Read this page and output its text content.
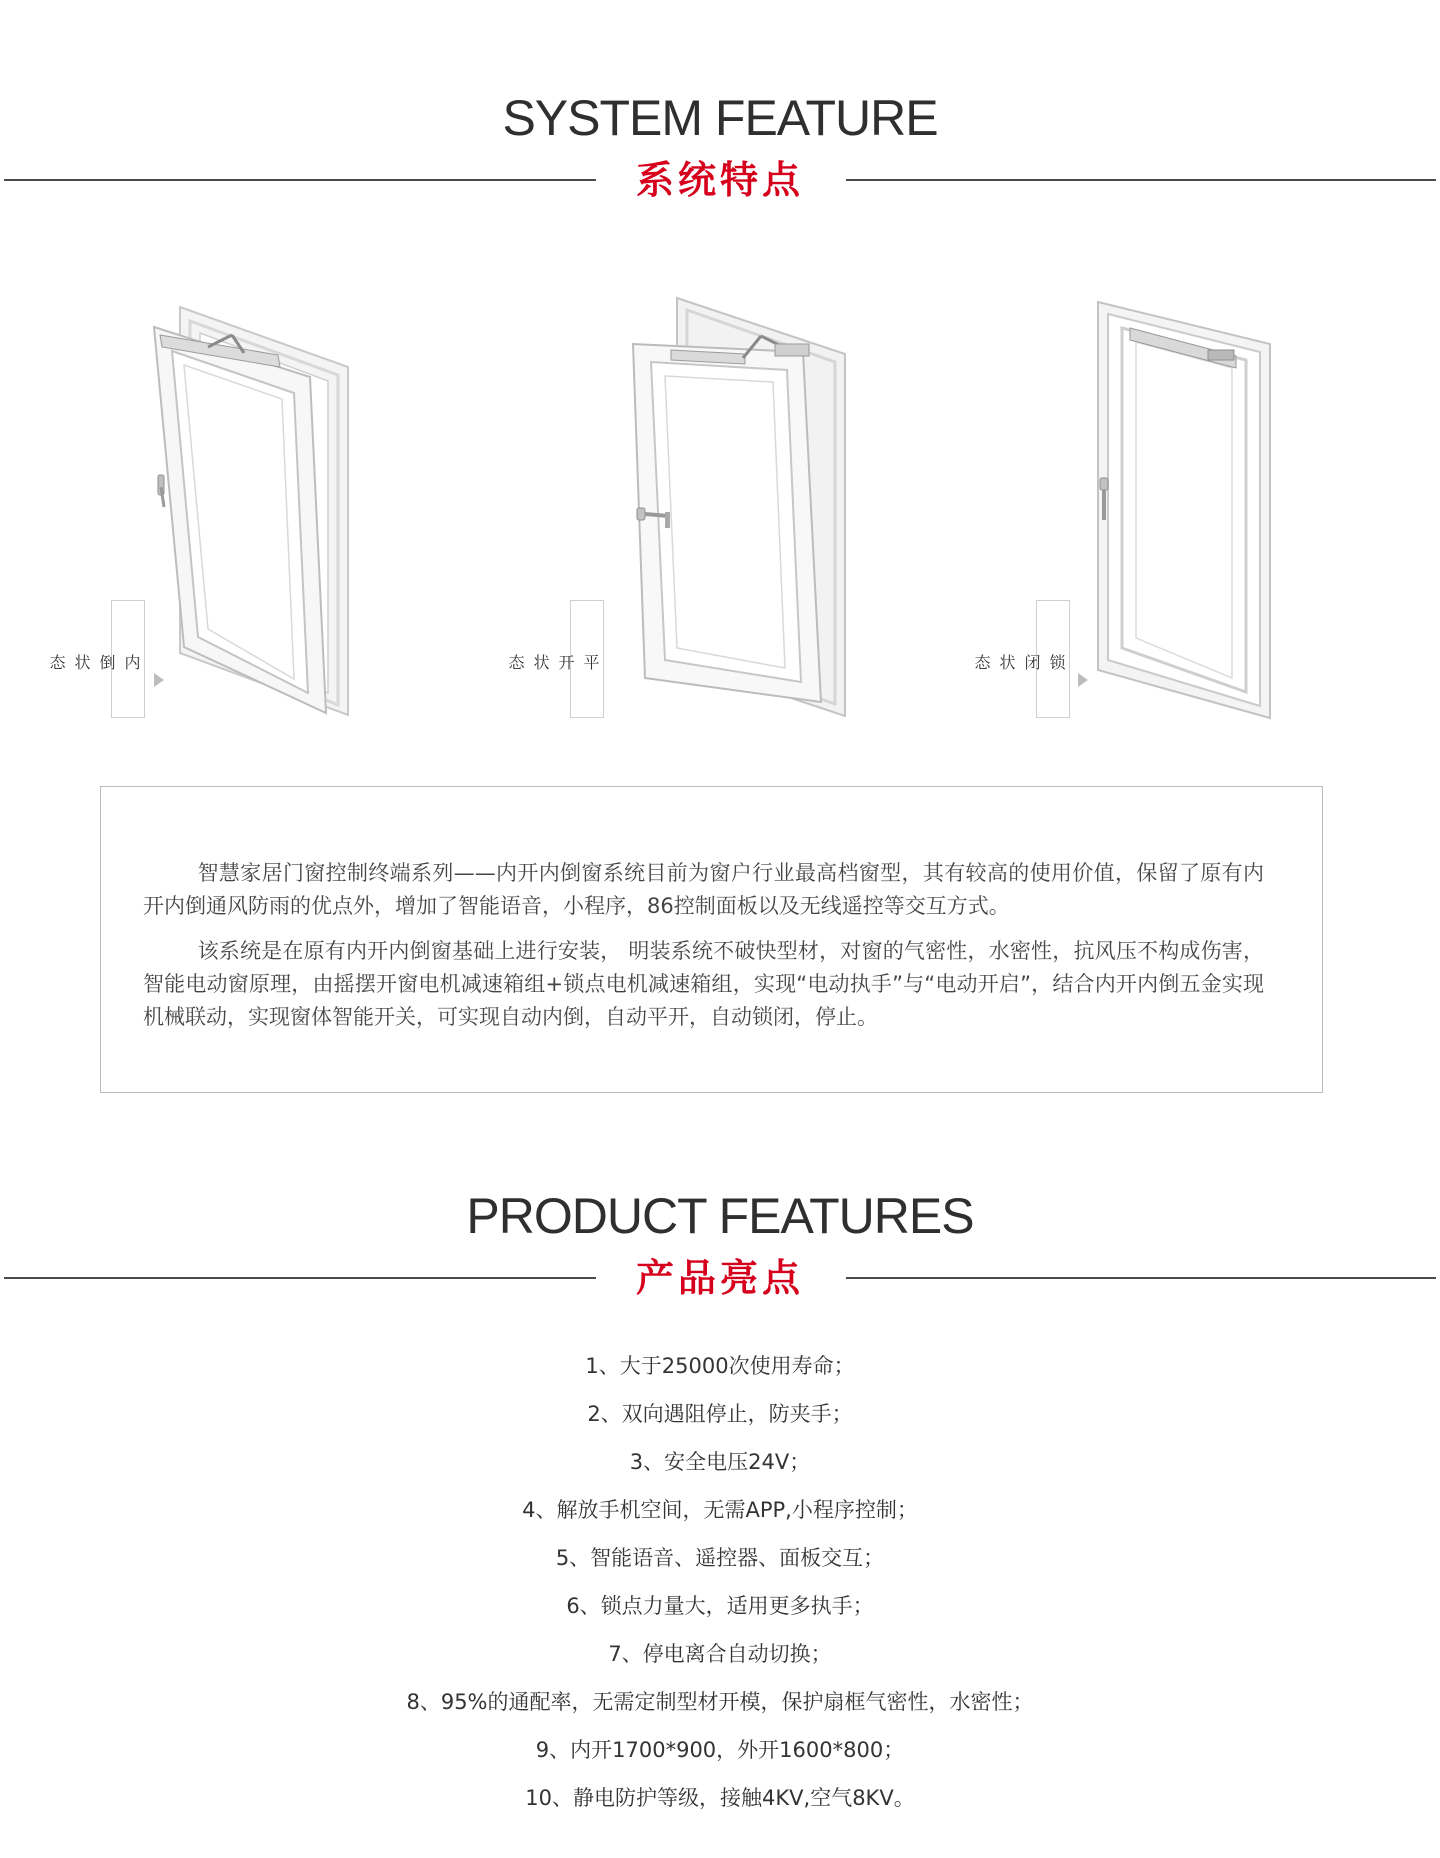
SYSTEM FEATURE
系统特点
内
倒
状
态	平
开
状
态	锁
闭
状
态

智慧家居门窗控制终端系列——内开内倒窗系统目前为窗户行业最高档窗型，其有较高的使用价值，保留了原有内开内倒通风防雨的优点外，增加了智能语音，小程序，86控制面板以及无线遥控等交互方式。

该系统是在原有内开内倒窗基础上进行安装， 明装系统不破快型材，对窗的气密性，水密性，抗风压不构成伤害，智能电动窗原理，由摇摆开窗电机减速箱组+锁点电机减速箱组，实现“电动执手”与“电动开启”，结合内开内倒五金实现机械联动，实现窗体智能开关，可实现自动内倒，自动平开，自动锁闭，停止。

PRODUCT FEATURES
产品亮点
1、大于25000次使用寿命；
2、双向遇阻停止，防夹手；
3、安全电压24V；
4、解放手机空间，无需APP,小程序控制；
5、智能语音、遥控器、面板交互；
6、锁点力量大，适用更多执手；
7、停电离合自动切换；
8、95%的通配率，无需定制型材开模，保护扇框气密性，水密性；
9、内开1700*900，外开1600*800；
10、静电防护等级，接触4KV,空气8KV。
